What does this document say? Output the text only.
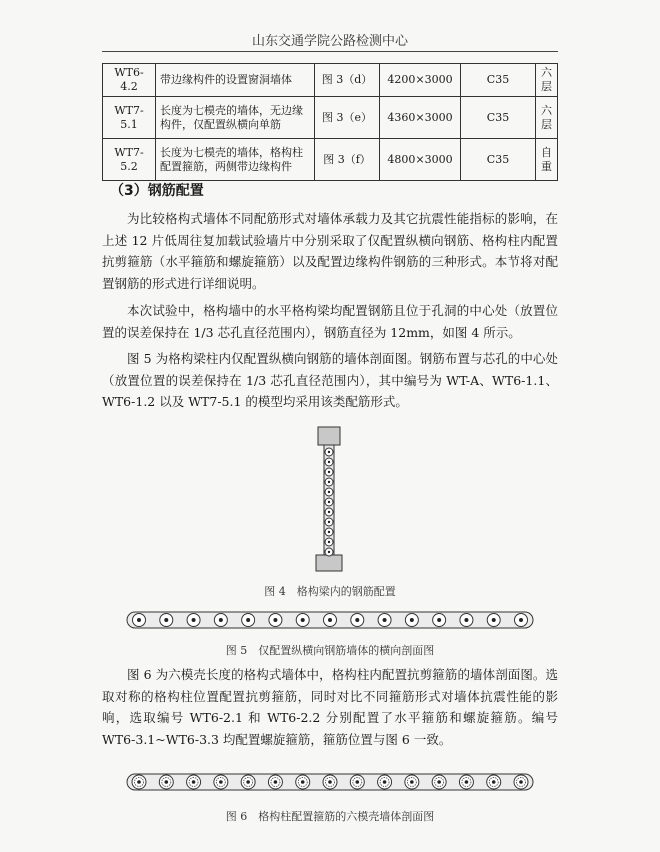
山东交通学院公路检测中心
WT6-4.2	带边缘构件的设置窗洞墙体	图 3（d）	4200×3000	C35	六层
WT7-5.1	长度为七模壳的墙体，无边缘构件，仅配置纵横向单筋	图 3（e）	4360×3000	C35	六层
WT7-5.2	长度为七模壳的墙体，格构柱配置箍筋，两侧带边缘构件	图 3（f）	4800×3000	C35	自重
（3）钢筋配置
为比较格构式墙体不同配筋形式对墙体承载力及其它抗震性能指标的影响，在上述 12 片低周往复加载试验墙片中分别采取了仅配置纵横向钢筋、格构柱内配置抗剪箍筋（水平箍筋和螺旋箍筋）以及配置边缘构件钢筋的三种形式。本节将对配置钢筋的形式进行详细说明。
本次试验中，格构墙中的水平格构梁均配置钢筋且位于孔洞的中心处（放置位置的误差保持在 1/3 芯孔直径范围内），钢筋直径为 12mm，如图 4 所示。
图 5 为格构梁柱内仅配置纵横向钢筋的墙体剖面图。钢筋布置与芯孔的中心处（放置位置的误差保持在 1/3 芯孔直径范围内），其中编号为 WT-A、WT6-1.1、WT6-1.2 以及 WT7-5.1 的模型均采用该类配筋形式。
图 4　格构梁内的钢筋配置
图 5　仅配置纵横向钢筋墙体的横向剖面图
图 6 为六模壳长度的格构式墙体中，格构柱内配置抗剪箍筋的墙体剖面图。选取对称的格构柱位置配置抗剪箍筋，同时对比不同箍筋形式对墙体抗震性能的影响，选取编号 WT6-2.1 和 WT6-2.2 分别配置了水平箍筋和螺旋箍筋。编号 WT6-3.1~WT6-3.3 均配置螺旋箍筋，箍筋位置与图 6 一致。
图 6　格构柱配置箍筋的六模壳墙体剖面图
